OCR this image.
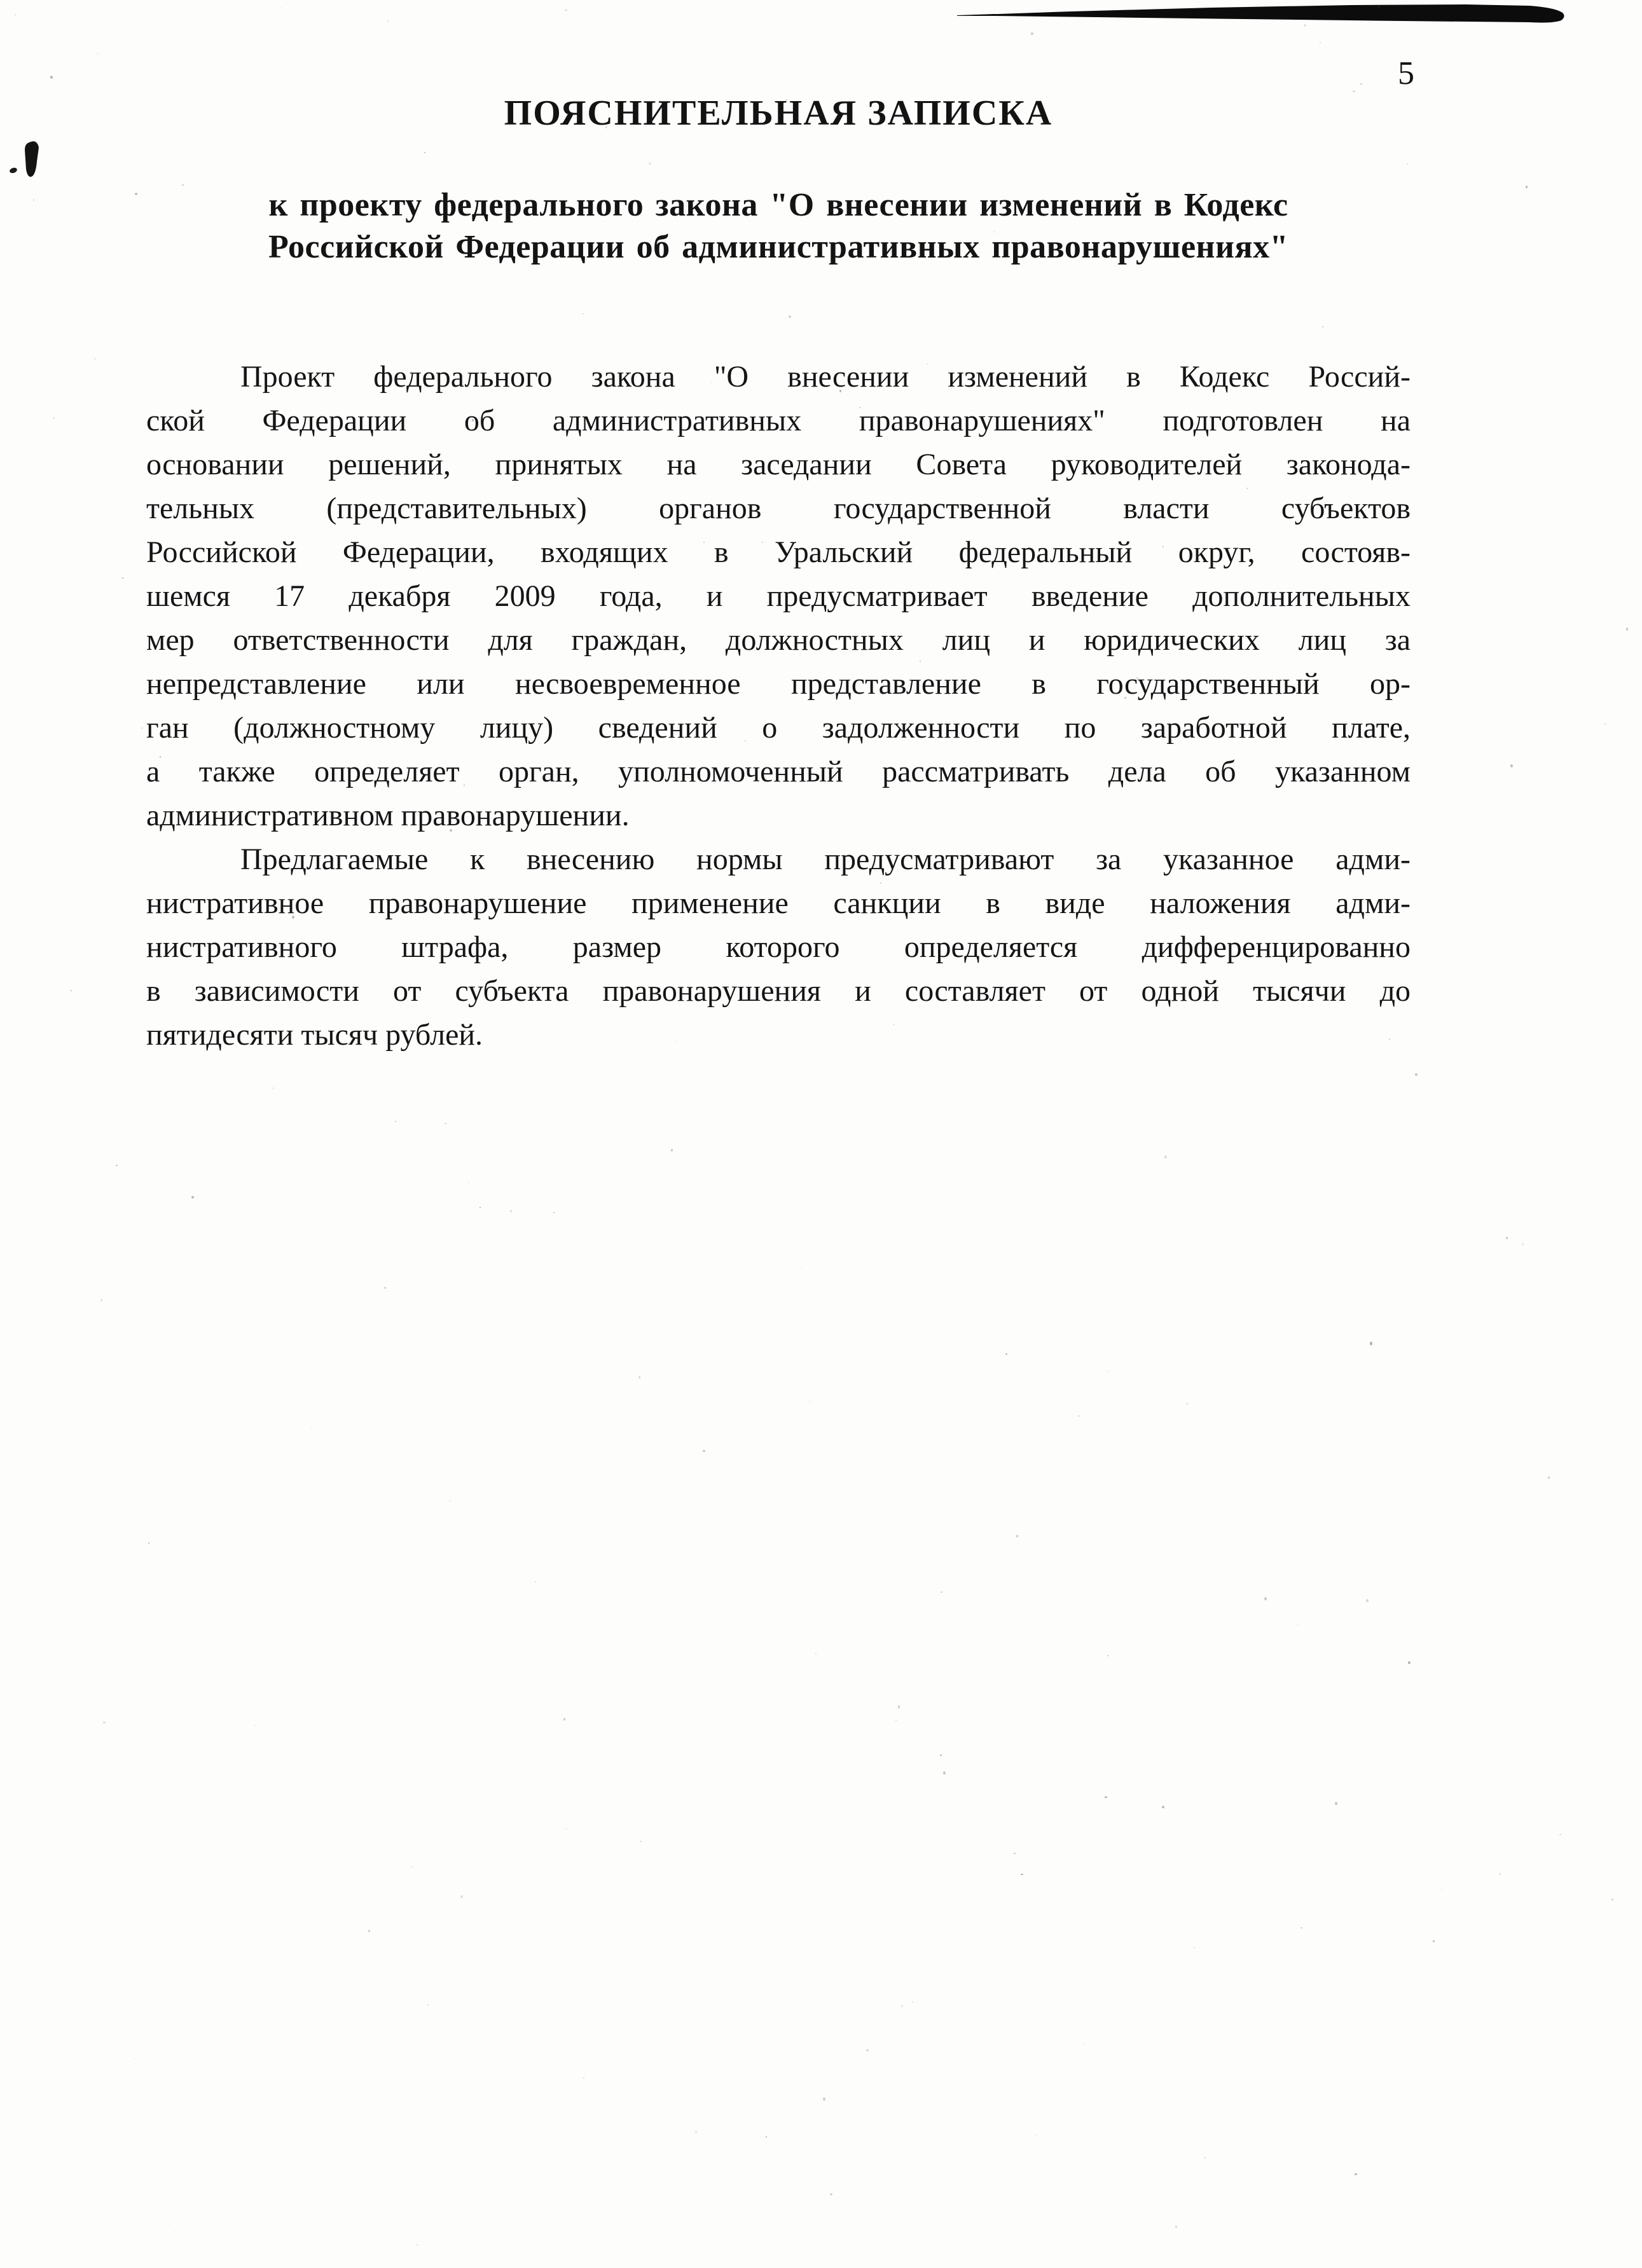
5
ПОЯСНИТЕЛЬНАЯ ЗАПИСКА
к проекту федерального закона "О внесении изменений в Кодекс
Российской Федерации об административных правонарушениях"
Проект федерального закона "О внесении изменений в Кодекс Россий-
ской Федерации об административных правонарушениях" подготовлен на
основании решений, принятых на заседании Совета руководителей законода-
тельных (представительных) органов государственной власти субъектов
Российской Федерации, входящих в Уральский федеральный округ, состояв-
шемся 17 декабря 2009 года, и предусматривает введение дополнительных
мер ответственности для граждан, должностных лиц и юридических лиц за
непредставление или несвоевременное представление в государственный ор-
ган (должностному лицу) сведений о задолженности по заработной плате,
а также определяет орган, уполномоченный рассматривать дела об указанном
административном правонарушении.
Предлагаемые к внесению нормы предусматривают за указанное адми-
нистративное правонарушение применение санкции в виде наложения адми-
нистративного штрафа, размер которого определяется дифференцированно
в зависимости от субъекта правонарушения и составляет от одной тысячи до
пятидесяти тысяч рублей.
